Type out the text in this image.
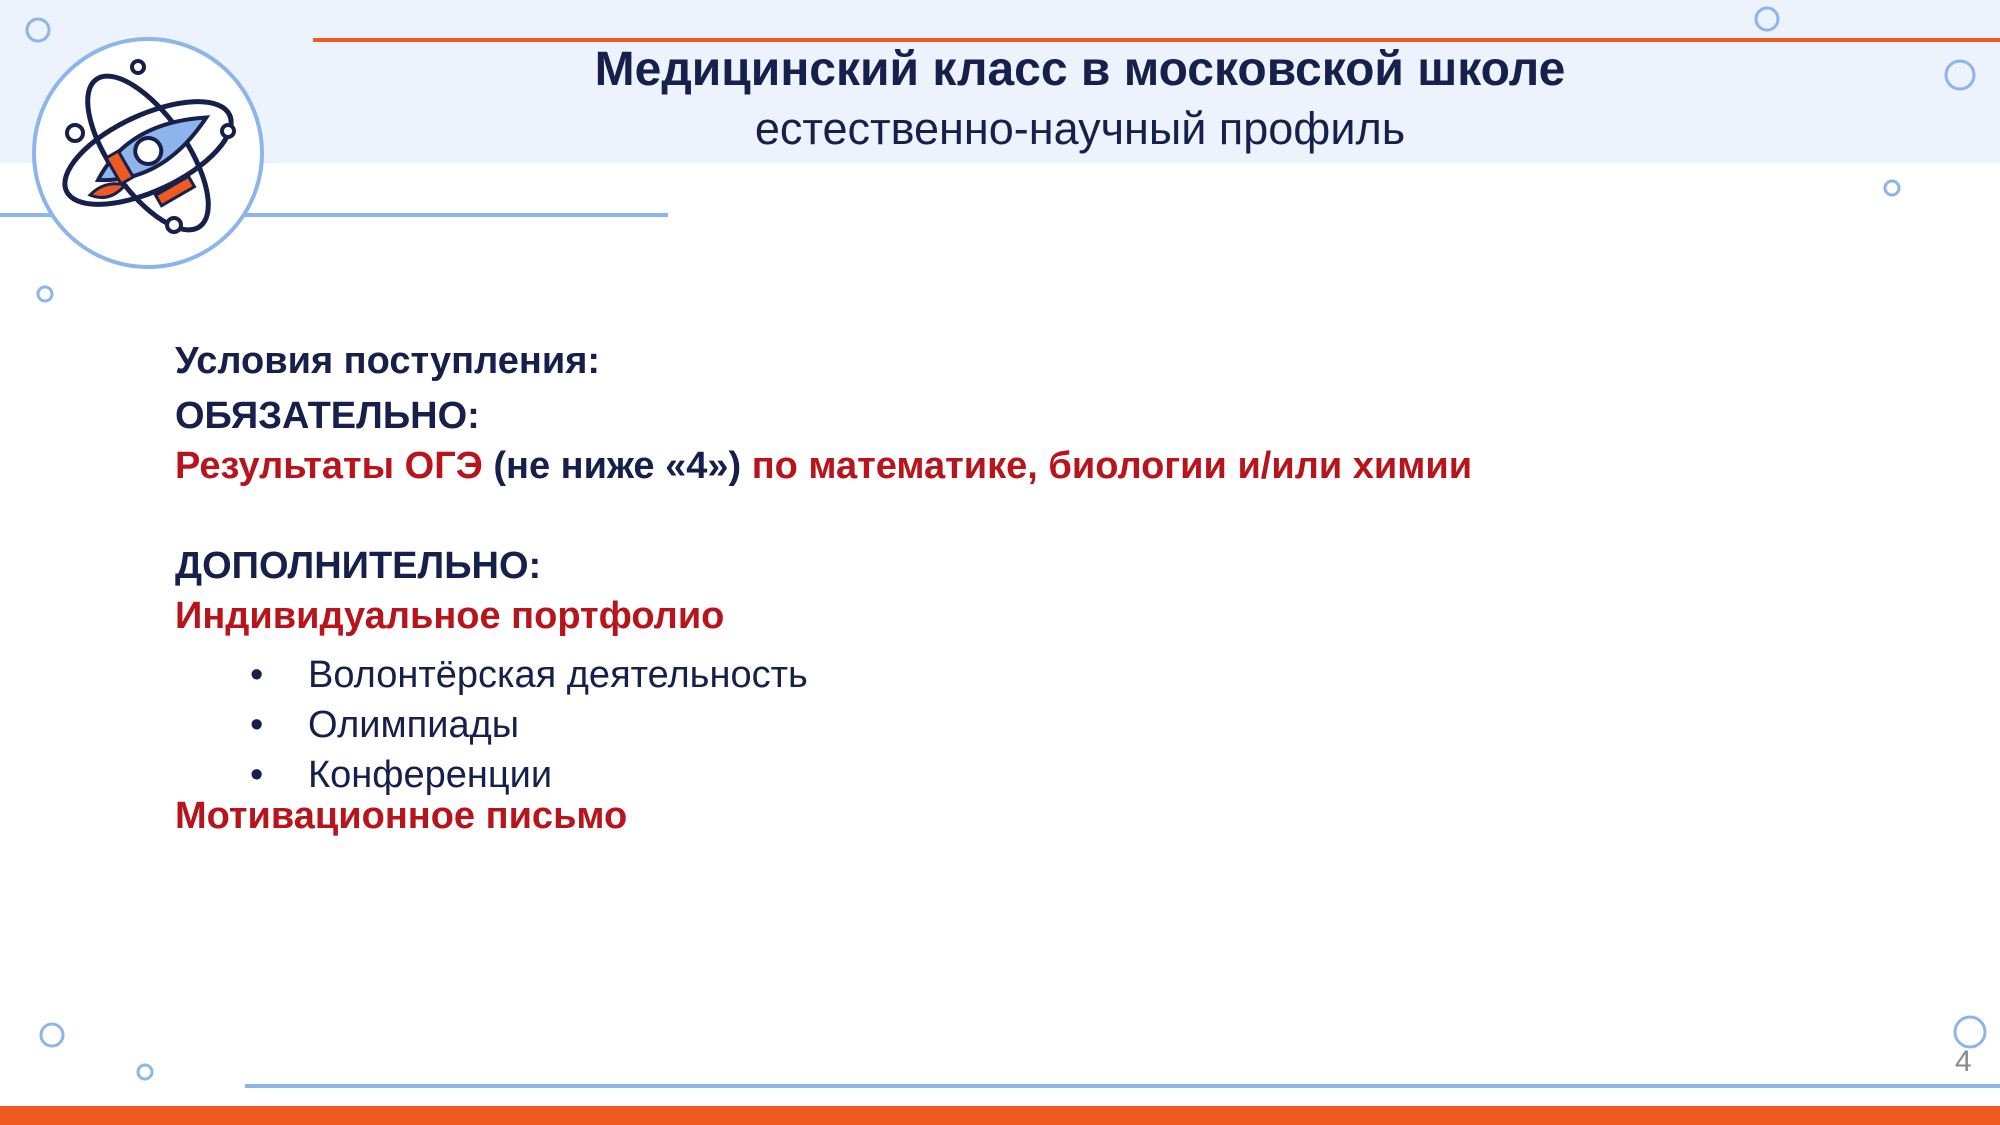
Медицинский класс в московской школе
естественно-научный профиль
Условия поступления:
ОБЯЗАТЕЛЬНО:
Результаты ОГЭ (не ниже «4») по математике, биологии и/или химии
ДОПОЛНИТЕЛЬНО:
Индивидуальное портфолио
• Волонтёрская деятельность
• Олимпиады
• Конференции
Мотивационное письмо
4
